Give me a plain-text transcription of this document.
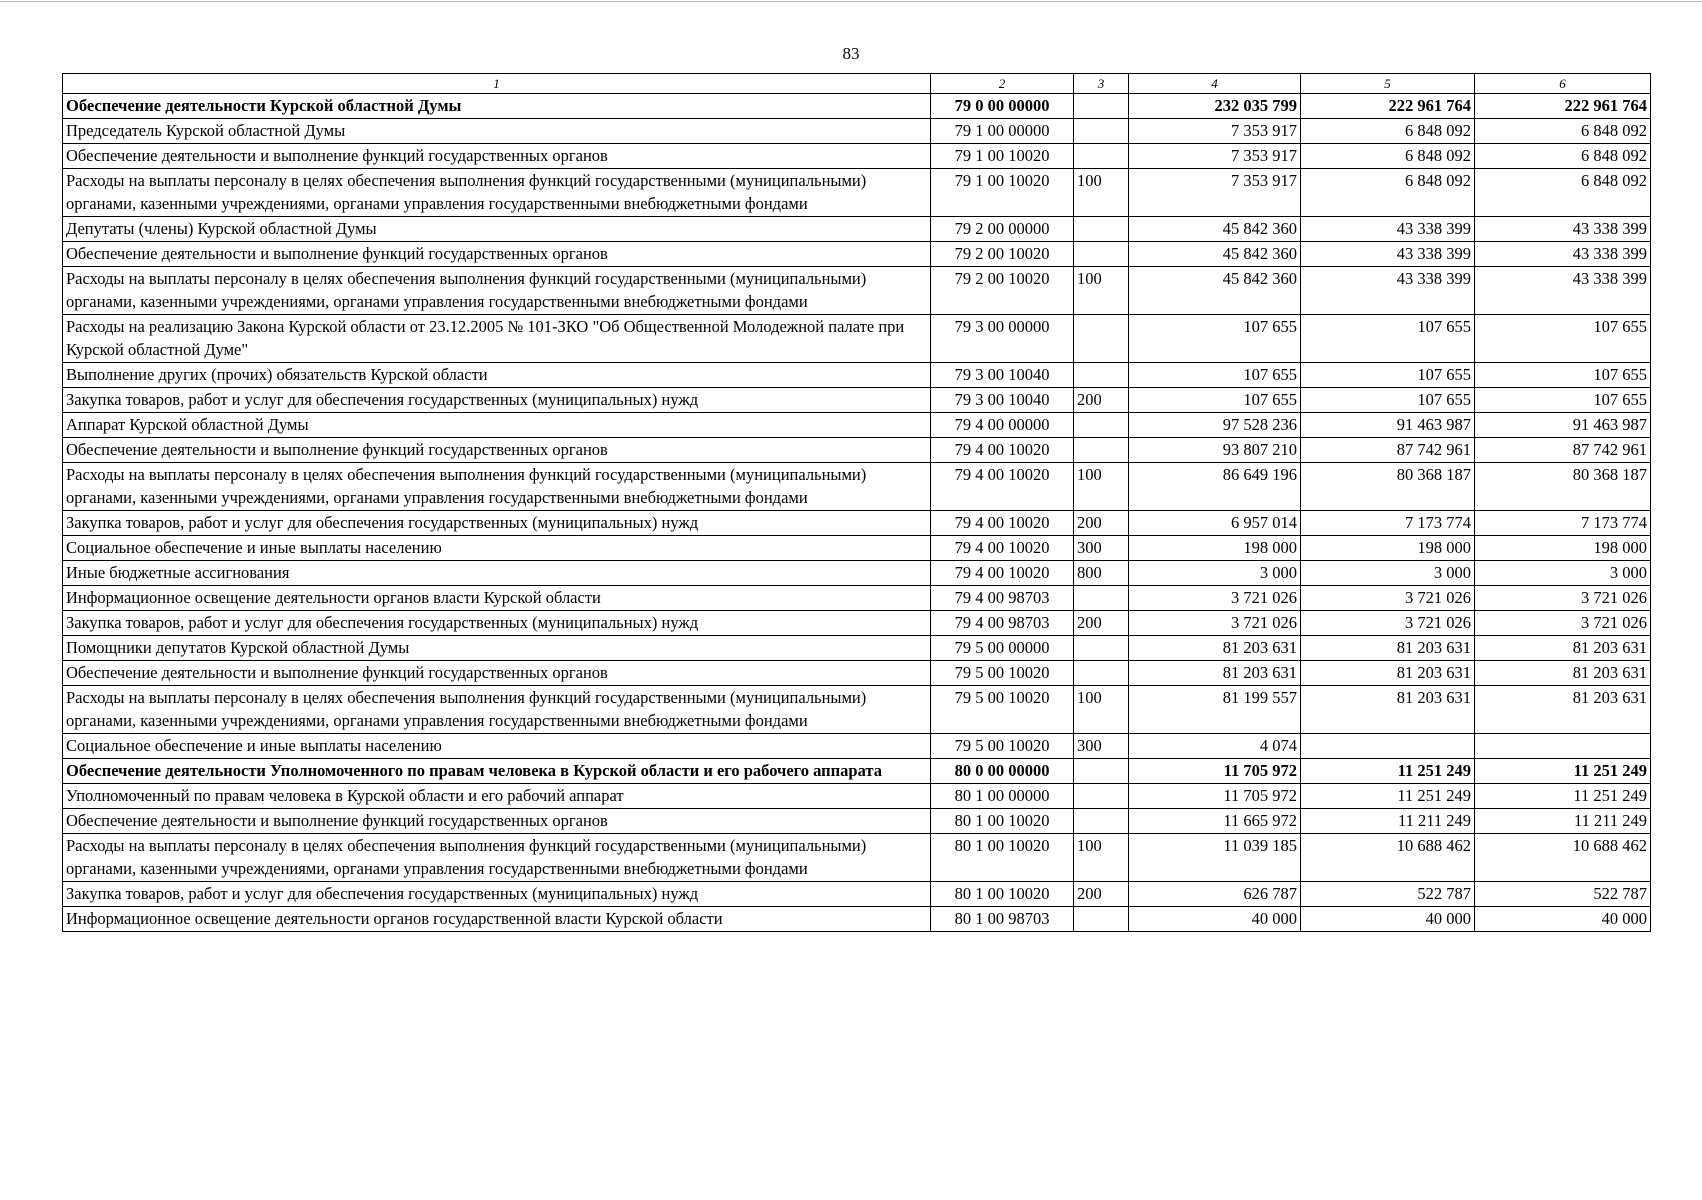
83
1	2	3	4	5	6
Обеспечение деятельности Курской областной Думы	79 0 00 00000		232 035 799	222 961 764	222 961 764
Председатель Курской областной Думы	79 1 00 00000		7 353 917	6 848 092	6 848 092
Обеспечение деятельности и выполнение функций государственных органов	79 1 00 10020		7 353 917	6 848 092	6 848 092
Расходы на выплаты персоналу в целях обеспечения выполнения функций государственными (муниципальными) органами, казенными учреждениями, органами управления государственными внебюджетными фондами	79 1 00 10020	100	7 353 917	6 848 092	6 848 092
Депутаты (члены) Курской областной Думы	79 2 00 00000		45 842 360	43 338 399	43 338 399
Обеспечение деятельности и выполнение функций государственных органов	79 2 00 10020		45 842 360	43 338 399	43 338 399
Расходы на выплаты персоналу в целях обеспечения выполнения функций государственными (муниципальными) органами, казенными учреждениями, органами управления государственными внебюджетными фондами	79 2 00 10020	100	45 842 360	43 338 399	43 338 399
Расходы на реализацию Закона Курской области от 23.12.2005 № 101-ЗКО "Об Общественной Молодежной палате при Курской областной Думе"	79 3 00 00000		107 655	107 655	107 655
Выполнение других (прочих) обязательств Курской области	79 3 00 10040		107 655	107 655	107 655
Закупка товаров, работ и услуг для обеспечения государственных (муниципальных) нужд	79 3 00 10040	200	107 655	107 655	107 655
Аппарат Курской областной Думы	79 4 00 00000		97 528 236	91 463 987	91 463 987
Обеспечение деятельности и выполнение функций государственных органов	79 4 00 10020		93 807 210	87 742 961	87 742 961
Расходы на выплаты персоналу в целях обеспечения выполнения функций государственными (муниципальными) органами, казенными учреждениями, органами управления государственными внебюджетными фондами	79 4 00 10020	100	86 649 196	80 368 187	80 368 187
Закупка товаров, работ и услуг для обеспечения государственных (муниципальных) нужд	79 4 00 10020	200	6 957 014	7 173 774	7 173 774
Социальное обеспечение и иные выплаты населению	79 4 00 10020	300	198 000	198 000	198 000
Иные бюджетные ассигнования	79 4 00 10020	800	3 000	3 000	3 000
Информационное освещение деятельности органов власти Курской области	79 4 00 98703		3 721 026	3 721 026	3 721 026
Закупка товаров, работ и услуг для обеспечения государственных (муниципальных) нужд	79 4 00 98703	200	3 721 026	3 721 026	3 721 026
Помощники депутатов Курской областной Думы	79 5 00 00000		81 203 631	81 203 631	81 203 631
Обеспечение деятельности и выполнение функций государственных органов	79 5 00 10020		81 203 631	81 203 631	81 203 631
Расходы на выплаты персоналу в целях обеспечения выполнения функций государственными (муниципальными) органами, казенными учреждениями, органами управления государственными внебюджетными фондами	79 5 00 10020	100	81 199 557	81 203 631	81 203 631
Социальное обеспечение и иные выплаты населению	79 5 00 10020	300	4 074		
Обеспечение деятельности Уполномоченного по правам человека в Курской области и его рабочего аппарата	80 0 00 00000		11 705 972	11 251 249	11 251 249
Уполномоченный по правам человека в Курской области и его рабочий аппарат	80 1 00 00000		11 705 972	11 251 249	11 251 249
Обеспечение деятельности и выполнение функций государственных органов	80 1 00 10020		11 665 972	11 211 249	11 211 249
Расходы на выплаты персоналу в целях обеспечения выполнения функций государственными (муниципальными) органами, казенными учреждениями, органами управления государственными внебюджетными фондами	80 1 00 10020	100	11 039 185	10 688 462	10 688 462
Закупка товаров, работ и услуг для обеспечения государственных (муниципальных) нужд	80 1 00 10020	200	626 787	522 787	522 787
Информационное освещение деятельности органов государственной власти Курской области	80 1 00 98703		40 000	40 000	40 000
